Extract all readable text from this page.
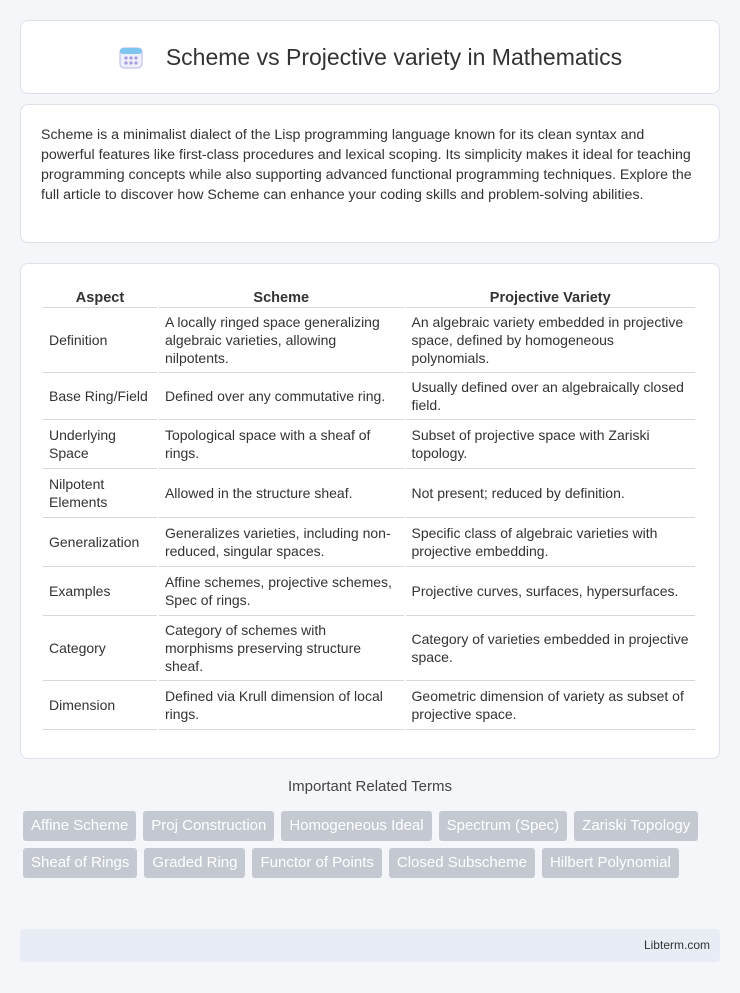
Scheme vs Projective variety in Mathematics

Scheme is a minimalist dialect of the Lisp programming language known for its clean syntax and powerful features like first-class procedures and lexical scoping. Its simplicity makes it ideal for teaching programming concepts while also supporting advanced functional programming techniques. Explore the full article to discover how Scheme can enhance your coding skills and problem-solving abilities.

Aspect	Scheme	Projective Variety
Definition	A locally ringed space generalizing algebraic varieties, allowing nilpotents.	An algebraic variety embedded in projective space, defined by homogeneous polynomials.
Base Ring/Field	Defined over any commutative ring.	Usually defined over an algebraically closed field.
Underlying Space	Topological space with a sheaf of rings.	Subset of projective space with Zariski topology.
Nilpotent Elements	Allowed in the structure sheaf.	Not present; reduced by definition.
Generalization	Generalizes varieties, including non-reduced, singular spaces.	Specific class of algebraic varieties with projective embedding.
Examples	Affine schemes, projective schemes, Spec of rings.	Projective curves, surfaces, hypersurfaces.
Category	Category of schemes with morphisms preserving structure sheaf.	Category of varieties embedded in projective space.
Dimension	Defined via Krull dimension of local rings.	Geometric dimension of variety as subset of projective space.
Important Related Terms
Affine Scheme	Proj Construction	Homogeneous Ideal	Spectrum (Spec)	Zariski Topology
Sheaf of Rings	Graded Ring	Functor of Points	Closed Subscheme	Hilbert Polynomial
Libterm.com
